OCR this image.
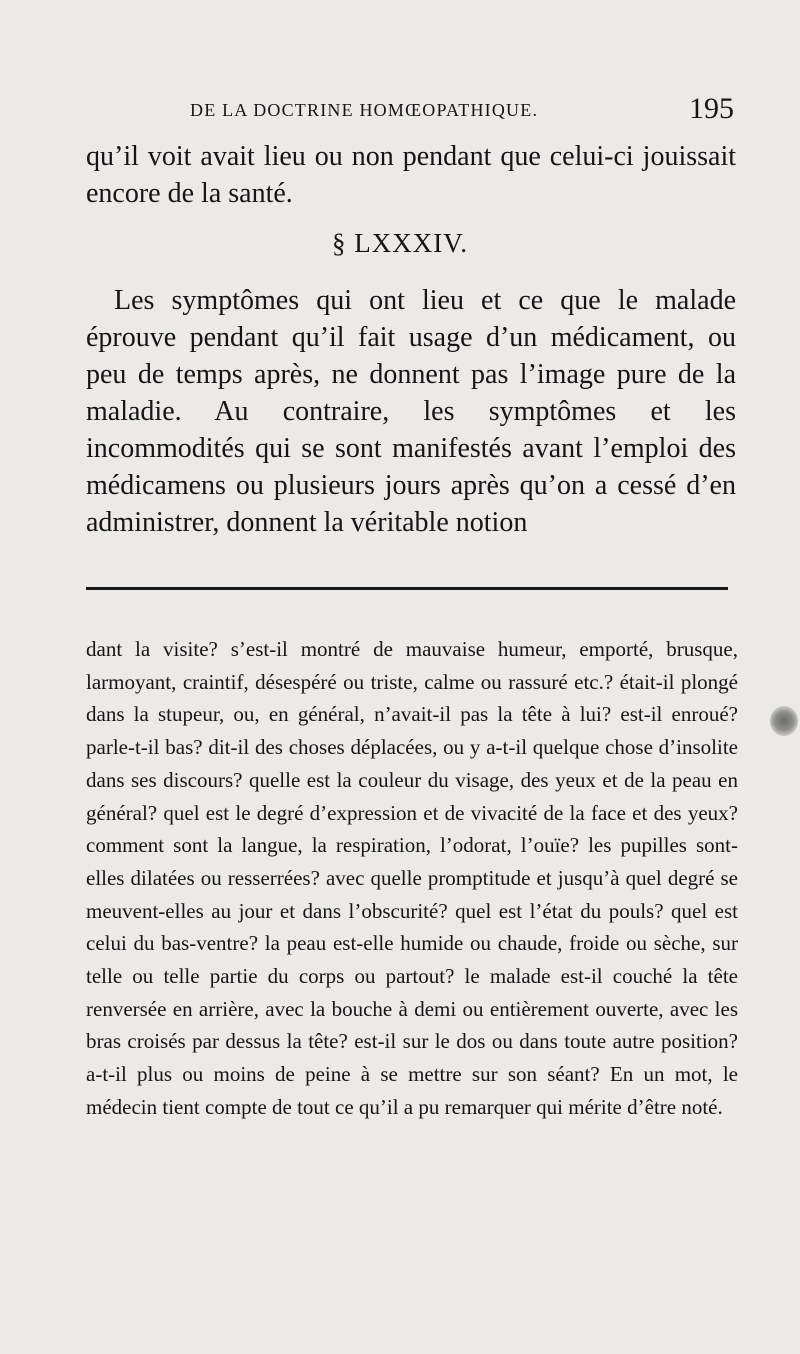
DE LA DOCTRINE HOMŒOPATHIQUE.	195

qu’il voit avait lieu ou non pendant que celui-ci jouissait encore de la santé.

§ LXXXIV.

Les symptômes qui ont lieu et ce que le malade éprouve pendant qu’il fait usage d’un médicament, ou peu de temps après, ne donnent pas l’image pure de la maladie. Au contraire, les symptômes et les incommodités qui se sont manifestés avant l’emploi des médicamens ou plusieurs jours après qu’on a cessé d’en administrer, donnent la véritable notion

dant la visite? s’est-il montré de mauvaise humeur, emporté, brusque, larmoyant, craintif, désespéré ou triste, calme ou rassuré etc.? était-il plongé dans la stupeur, ou, en général, n’avait-il pas la tête à lui? est-il enroué? parle-t-il bas? dit-il des choses déplacées, ou y a-t-il quelque chose d’insolite dans ses discours? quelle est la couleur du visage, des yeux et de la peau en général? quel est le degré d’expression et de vivacité de la face et des yeux? comment sont la langue, la respiration, l’odorat, l’ouïe? les pupilles sont-elles dilatées ou resserrées? avec quelle promptitude et jusqu’à quel degré se meuvent-elles au jour et dans l’obscurité? quel est l’état du pouls? quel est celui du bas-ventre? la peau est-elle humide ou chaude, froide ou sèche, sur telle ou telle partie du corps ou partout? le malade est-il couché la tête renversée en arrière, avec la bouche à demi ou entièrement ouverte, avec les bras croisés par dessus la tête? est-il sur le dos ou dans toute autre position? a-t-il plus ou moins de peine à se mettre sur son séant? En un mot, le médecin tient compte de tout ce qu’il a pu remarquer qui mérite d’être noté.
